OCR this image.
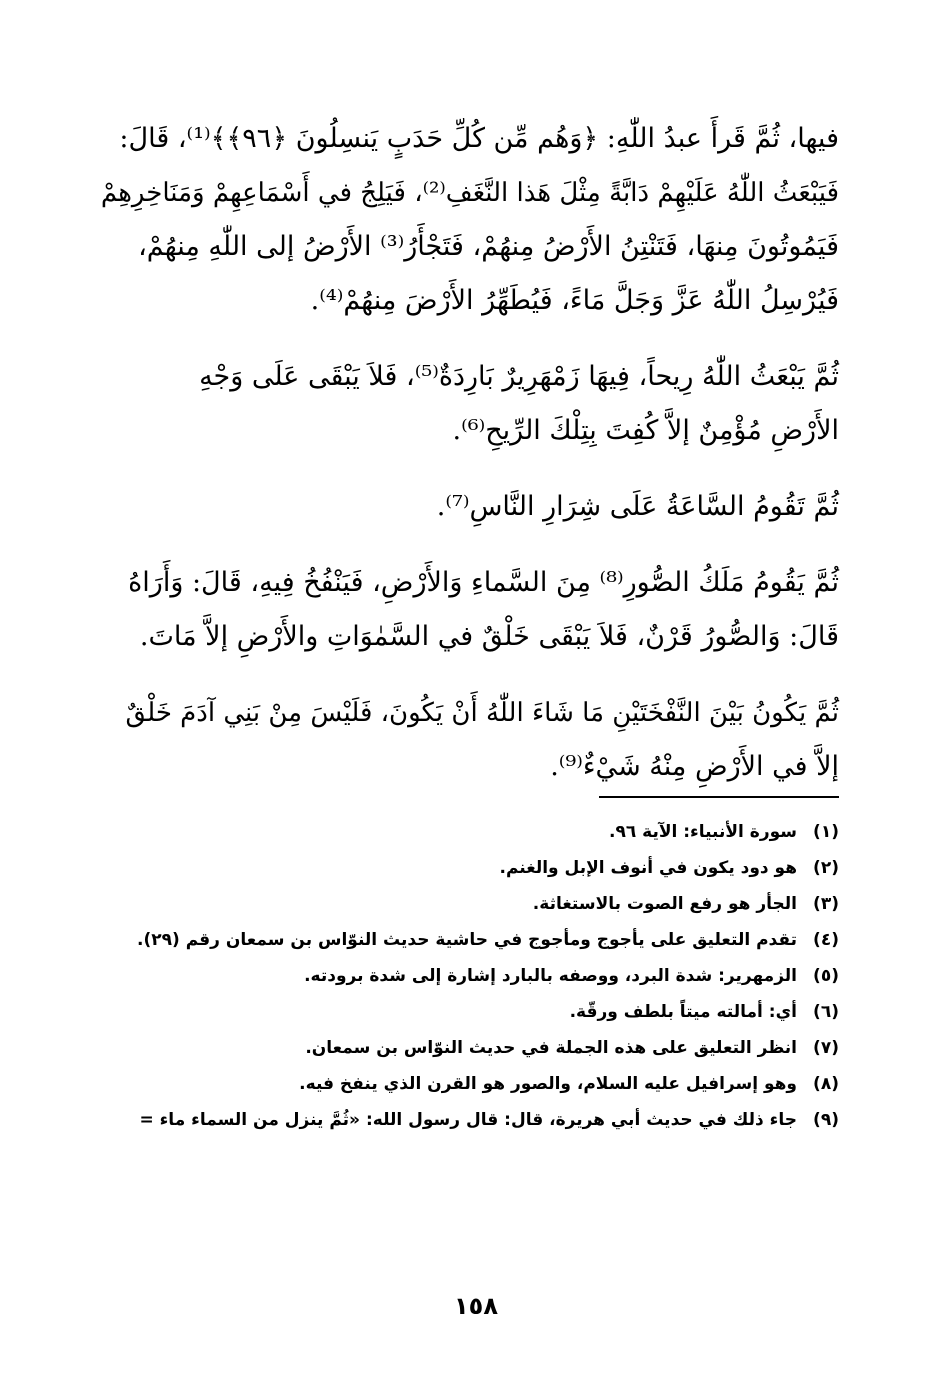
فيها، ثُمَّ قَرأَ عبدُ اللّٰهِ: ﴿وَهُم مِّن كُلِّ حَدَبٍ يَنسِلُونَ ﴿٩٦﴾﴾⁽¹⁾، قَالَ:
فَيَبْعَثُ اللّٰهُ عَلَيْهِمْ دَابَّةً مِثْلَ هَذا النَّغَفِ⁽²⁾، فَيَلِجُ في أَسْمَاعِهِمْ وَمَنَاخِرِهِمْ
فَيَمُوتُونَ مِنهَا، فَتَنْتِنُ الأَرْضُ مِنهُمْ، فَتَجْأَرُ⁽³⁾ الأَرْضُ إلى اللّٰهِ مِنهُمْ،
فَيُرْسِلُ اللّٰهُ عَزَّ وَجَلَّ مَاءً، فَيُطَهِّرُ الأَرْضَ مِنهُمْ⁽⁴⁾.

ثُمَّ يَبْعَثُ اللّٰهُ رِيحاً، فِيهَا زَمْهَرِيرٌ بَارِدَةٌ⁽⁵⁾، فَلاَ يَبْقَى عَلَى وَجْهِ
الأَرْضِ مُؤْمِنٌ إلاَّ كُفِتَ بِتِلْكَ الرِّيحِ⁽⁶⁾.

ثُمَّ تَقُومُ السَّاعَةُ عَلَى شِرَارِ النَّاسِ⁽⁷⁾.

ثُمَّ يَقُومُ مَلَكُ الصُّورِ⁽⁸⁾ مِنَ السَّماءِ وَالأَرْضِ، فَيَنْفُخُ فِيهِ، قَالَ: وَأَرَاهُ
قَالَ: وَالصُّورُ قَرْنٌ، فَلاَ يَبْقَى خَلْقٌ في السَّمٰوَاتِ والأَرْضِ إلاَّ مَاتَ.

ثُمَّ يَكُونُ بَيْنَ النَّفْخَتَيْنِ مَا شَاءَ اللّٰهُ أَنْ يَكُونَ، فَلَيْسَ مِنْ بَنِي آدَمَ خَلْقٌ
إلاَّ في الأَرْضِ مِنْهُ شَيْءٌ⁽⁹⁾.

(١)
سورة الأنبياء: الآية ٩٦.
(٢)
هو دود يكون في أنوف الإبل والغنم.
(٣)
الجأر هو رفع الصوت بالاستغاثة.
(٤)
تقدم التعليق على يأجوج ومأجوج في حاشية حديث النوّاس بن سمعان رقم (٢٩).
(٥)
الزمهرير: شدة البرد، ووصفه بالبارد إشارة إلى شدة برودته.
(٦)
أي: أمالته ميتاً بلطف ورقّة.
(٧)
انظر التعليق على هذه الجملة في حديث النوّاس بن سمعان.
(٨)
وهو إسرافيل عليه السلام، والصور هو القرن الذي ينفخ فيه.
(٩)
جاء ذلك في حديث أبي هريرة، قال: قال رسول الله: «ثُمَّ ينزل من السماء ماء =
١٥٨
